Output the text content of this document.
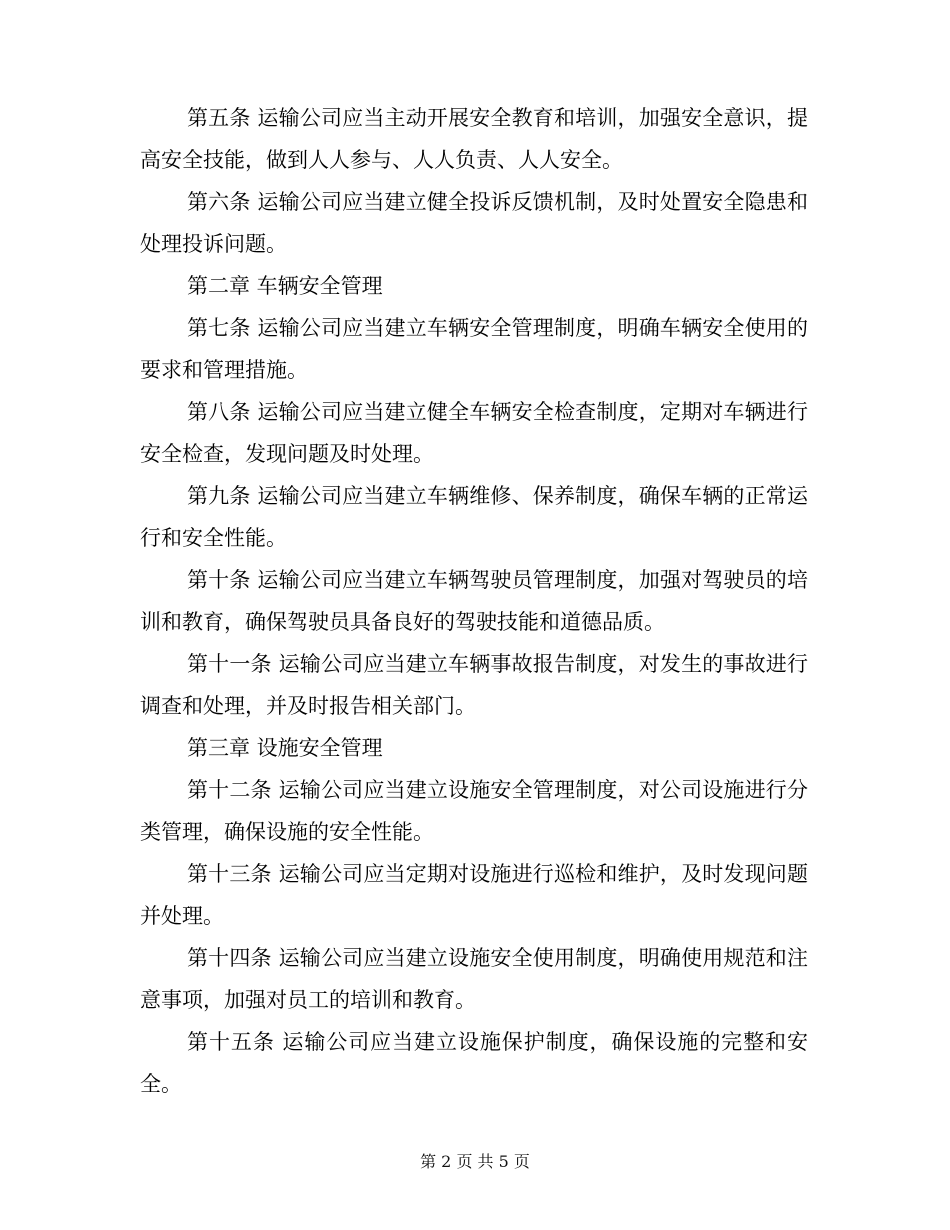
第五条 运输公司应当主动开展安全教育和培训，加强安全意识，提高安全技能，做到人人参与、人人负责、人人安全。

第六条 运输公司应当建立健全投诉反馈机制，及时处置安全隐患和处理投诉问题。

第二章 车辆安全管理

第七条 运输公司应当建立车辆安全管理制度，明确车辆安全使用的要求和管理措施。

第八条 运输公司应当建立健全车辆安全检查制度，定期对车辆进行安全检查，发现问题及时处理。

第九条 运输公司应当建立车辆维修、保养制度，确保车辆的正常运行和安全性能。

第十条 运输公司应当建立车辆驾驶员管理制度，加强对驾驶员的培训和教育，确保驾驶员具备良好的驾驶技能和道德品质。

第十一条 运输公司应当建立车辆事故报告制度，对发生的事故进行调查和处理，并及时报告相关部门。

第三章 设施安全管理

第十二条 运输公司应当建立设施安全管理制度，对公司设施进行分类管理，确保设施的安全性能。

第十三条 运输公司应当定期对设施进行巡检和维护，及时发现问题并处理。

第十四条 运输公司应当建立设施安全使用制度，明确使用规范和注意事项，加强对员工的培训和教育。

第十五条 运输公司应当建立设施保护制度，确保设施的完整和安全。

第 2 页 共 5 页
